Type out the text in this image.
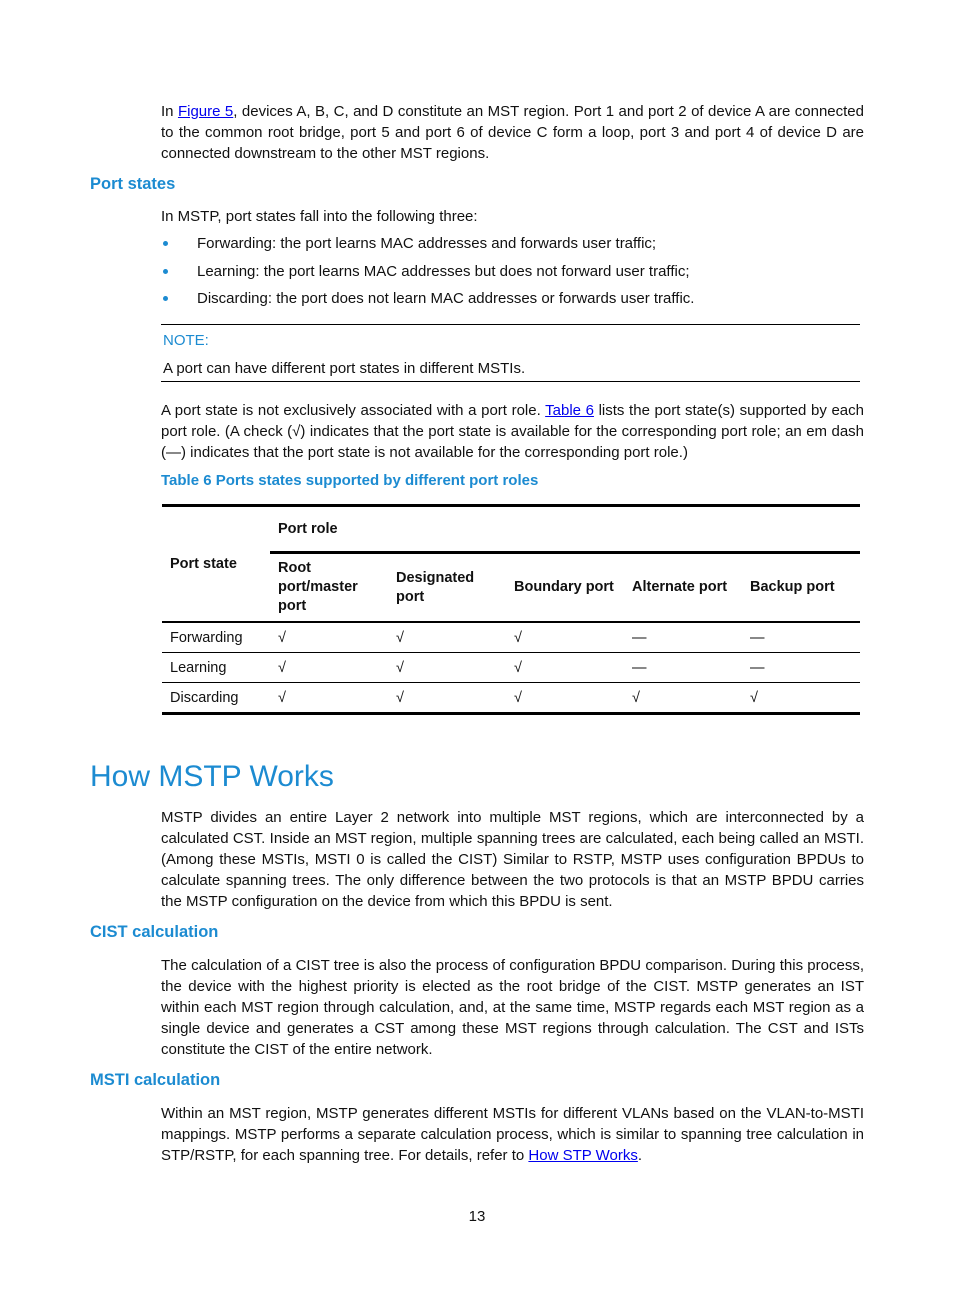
In Figure 5, devices A, B, C, and D constitute an MST region. Port 1 and port 2 of device A are connected to the common root bridge, port 5 and port 6 of device C form a loop, port 3 and port 4 of device D are connected downstream to the other MST regions.

Port states

In MSTP, port states fall into the following three:

Forwarding: the port learns MAC addresses and forwards user traffic;
Learning: the port learns MAC addresses but does not forward user traffic;
Discarding: the port does not learn MAC addresses or forwards user traffic.
NOTE:
A port can have different port states in different MSTIs.

A port state is not exclusively associated with a port role. Table 6 lists the port state(s) supported by each port role. (A check (√) indicates that the port state is available for the corresponding port role; an em dash (—) indicates that the port state is not available for the corresponding port role.)

Table 6 Ports states supported by different port roles

Port state	Port role				
	Root port/master port	Designated port	Boundary port	Alternate port	Backup port
Forwarding	√	√	√	—	—
Learning	√	√	√	—	—
Discarding	√	√	√	√	√
How MSTP Works

MSTP divides an entire Layer 2 network into multiple MST regions, which are interconnected by a calculated CST. Inside an MST region, multiple spanning trees are calculated, each being called an MSTI. (Among these MSTIs, MSTI 0 is called the CIST) Similar to RSTP, MSTP uses configuration BPDUs to calculate spanning trees. The only difference between the two protocols is that an MSTP BPDU carries the MSTP configuration on the device from which this BPDU is sent.

CIST calculation

The calculation of a CIST tree is also the process of configuration BPDU comparison. During this process, the device with the highest priority is elected as the root bridge of the CIST. MSTP generates an IST within each MST region through calculation, and, at the same time, MSTP regards each MST region as a single device and generates a CST among these MST regions through calculation. The CST and ISTs constitute the CIST of the entire network.

MSTI calculation

Within an MST region, MSTP generates different MSTIs for different VLANs based on the VLAN-to-MSTI mappings. MSTP performs a separate calculation process, which is similar to spanning tree calculation in STP/RSTP, for each spanning tree. For details, refer to How STP Works.

13
